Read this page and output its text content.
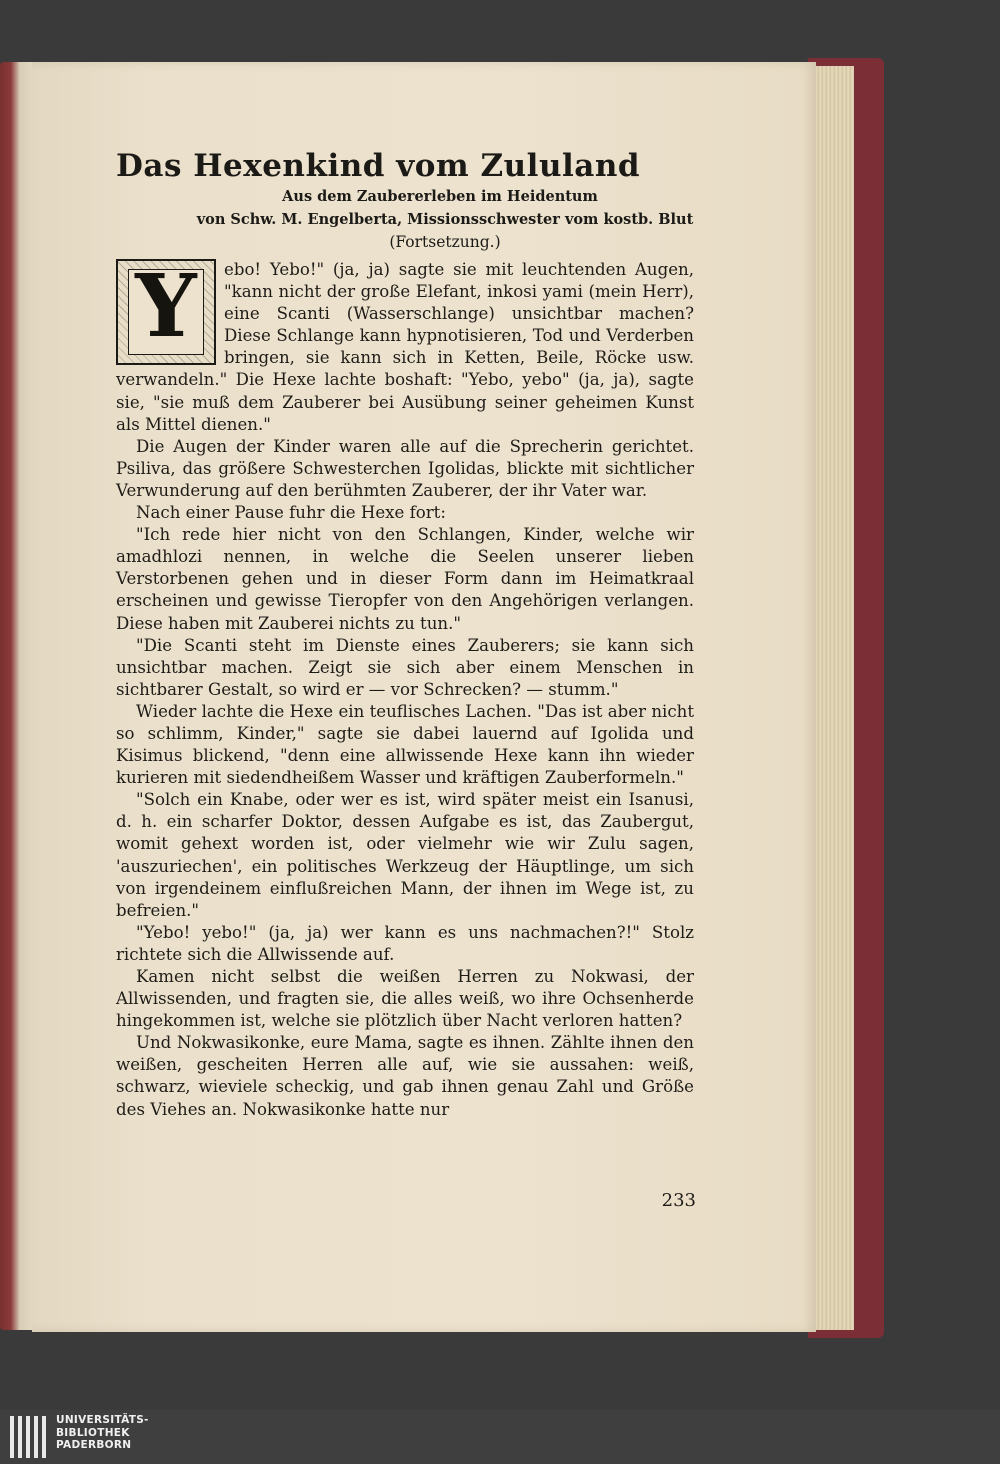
Das Hexenkind vom Zululand
Aus dem Zaubererleben im Heidentum
von Schw. M. Engelberta, Missionsschwester vom kostb. Blut
(Fortsetzung.)
Y	ebo! Yebo!" (ja, ja) sagte sie mit leuchtenden Augen, "kann nicht der große Elefant, inkosi yami (mein Herr), eine Scanti (Wasserschlange) unsichtbar machen? Diese Schlange kann hypnotisieren, Tod und Verderben bringen, sie kann sich in Ketten, Beile, Röcke usw. verwandeln." Die Hexe lachte boshaft: "Yebo, yebo" (ja, ja), sagte sie, "sie muß dem Zauberer bei Ausübung seiner geheimen Kunst als Mittel dienen."

Die Augen der Kinder waren alle auf die Sprecherin gerichtet. Psiliva, das größere Schwesterchen Igolidas, blickte mit sichtlicher Verwunderung auf den berühmten Zauberer, der ihr Vater war.

Nach einer Pause fuhr die Hexe fort:

"Ich rede hier nicht von den Schlangen, Kinder, welche wir amadhlozi nennen, in welche die Seelen unserer lieben Verstorbenen gehen und in dieser Form dann im Heimatkraal erscheinen und gewisse Tieropfer von den Angehörigen verlangen. Diese haben mit Zauberei nichts zu tun."

"Die Scanti steht im Dienste eines Zauberers; sie kann sich unsichtbar machen. Zeigt sie sich aber einem Menschen in sichtbarer Gestalt, so wird er — vor Schrecken? — stumm."

Wieder lachte die Hexe ein teuflisches Lachen. "Das ist aber nicht so schlimm, Kinder," sagte sie dabei lauernd auf Igolida und Kisimus blickend, "denn eine allwissende Hexe kann ihn wieder kurieren mit siedendheißem Wasser und kräftigen Zauberformeln."

"Solch ein Knabe, oder wer es ist, wird später meist ein Isanusi, d. h. ein scharfer Doktor, dessen Aufgabe es ist, das Zaubergut, womit gehext worden ist, oder vielmehr wie wir Zulu sagen, 'auszuriechen', ein politisches Werkzeug der Häuptlinge, um sich von irgendeinem einflußreichen Mann, der ihnen im Wege ist, zu befreien."

"Yebo! yebo!" (ja, ja) wer kann es uns nachmachen?!" Stolz richtete sich die Allwissende auf.

Kamen nicht selbst die weißen Herren zu Nokwasi, der Allwissenden, und fragten sie, die alles weiß, wo ihre Ochsenherde hingekommen ist, welche sie plötzlich über Nacht verloren hatten?

Und Nokwasikonke, eure Mama, sagte es ihnen. Zählte ihnen den weißen, gescheiten Herren alle auf, wie sie aussahen: weiß, schwarz, wieviele scheckig, und gab ihnen genau Zahl und Größe des Viehes an. Nokwasikonke hatte nur

233
UNIVERSITÄTS-
BIBLIOTHEK
PADERBORN
